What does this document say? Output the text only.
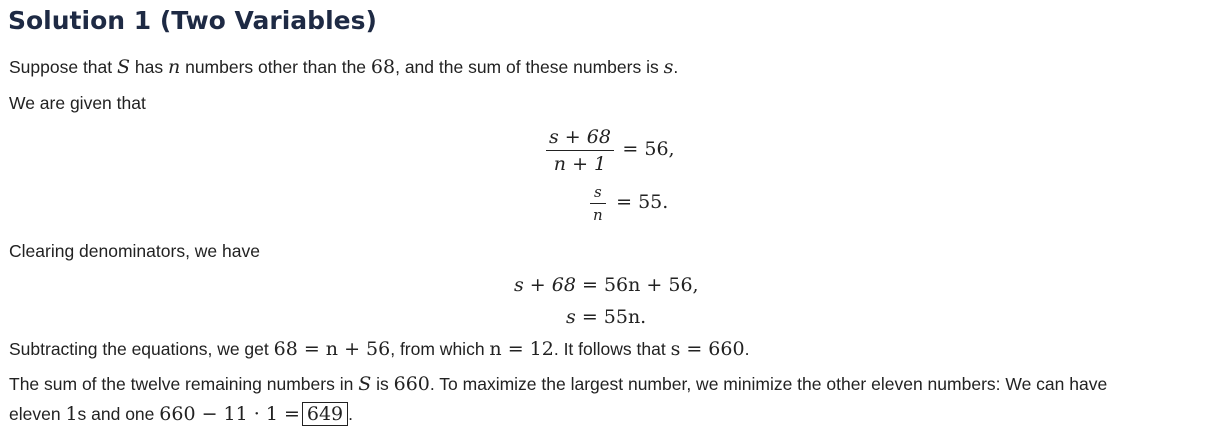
Solution 1 (Two Variables)
Suppose that S has n numbers other than the 68, and the sum of these numbers is s.
We are given that
$\frac{s + 68}{n + 1} = 56$,
$\frac{s}{n} = 55$.
Clearing denominators, we have
s + 68 = 56n + 56,
s = 55n.
Subtracting the equations, we get 68 = n + 56, from which n = 12. It follows that s = 660.
The sum of the twelve remaining numbers in S is 660. To maximize the largest number, we minimize the other eleven numbers: We can have
eleven 1s and one 660 − 11 · 1 = 649 .
